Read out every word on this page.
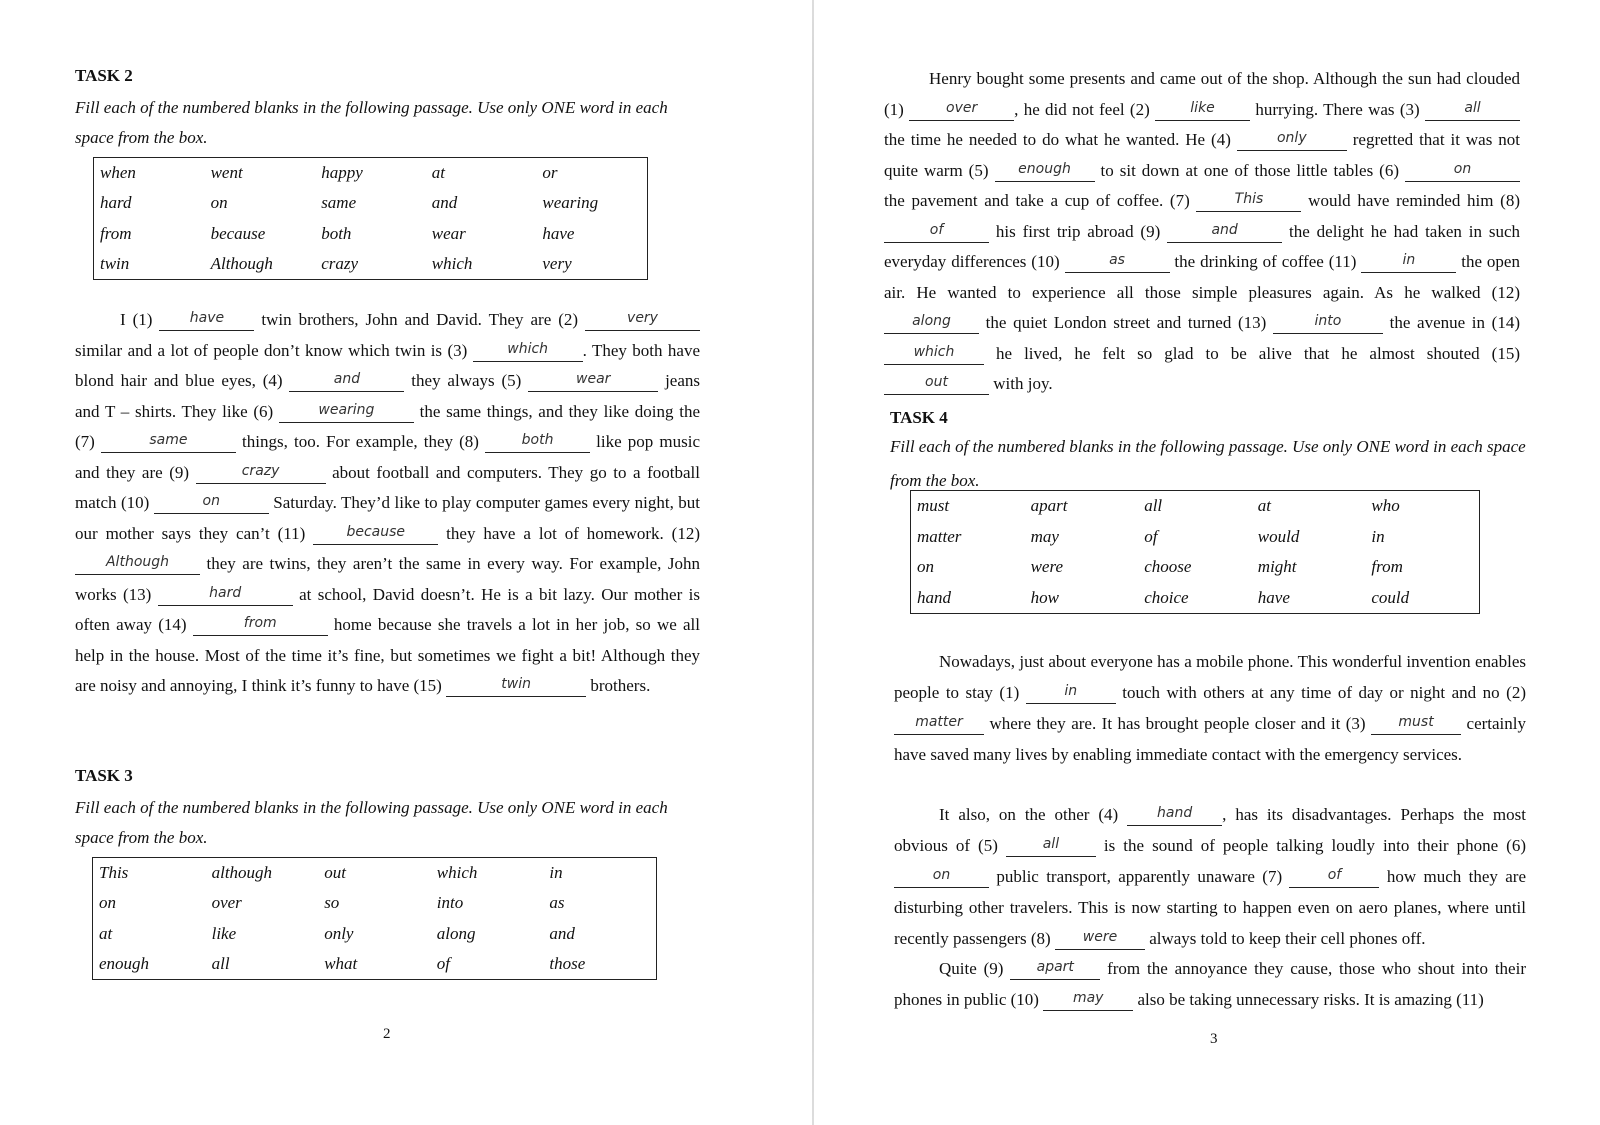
TASK 2
Fill each of the numbered blanks in the following passage. Use only ONE word in each space from the box.
when	went	happy	at	or
hard	on	same	and	wearing
from	because	both	wear	have
twin	Although	crazy	which	very
I (1) have twin brothers, John and David. They are (2)	very similar and a lot of people don’t know which twin is (3) which . They both have blond hair and blue eyes, (4)	and	they always (5)	wear	jeans and T – shirts. They like (6)	wearing the same things, and they like doing the (7)	same	things, too. For example, they (8)	both like pop music and they are (9)	crazy	about football and computers. They go to a football match (10)	on	Saturday. They’d like to play computer games every night, but our mother says they can’t (11) because they have a lot of homework. (12) Although they are twins, they aren’t the same in every way. For example, John works (13)	hard	at school, David doesn’t. He is a bit lazy. Our mother is often away (14)	from	home because she travels a lot in her job, so we all help in the house. Most of the time it’s fine, but sometimes we fight a bit! Although they are noisy and annoying, I think it’s funny to have (15)	twin	brothers.
TASK 3
Fill each of the numbered blanks in the following passage. Use only ONE word in each space from the box.
This	although	out	which	in
on	over	so	into	as
at	like	only	along	and
enough	all	what	of	those
2
Henry bought some presents and came out of the shop. Although the sun had clouded (1)	over , he did not feel (2)	like hurrying. There was (3)	all the time he needed to do what he wanted. He (4)	only regretted that it was not quite warm (5) enough to sit down at one of those little tables (6)	on the pavement and take a cup of coffee. (7)	This would have reminded him (8) of	his first trip abroad (9)	and	the delight he had taken in such everyday differences (10)	as	the drinking of coffee (11)	in the open air. He wanted to experience all those simple pleasures again. As he walked (12) along the quiet London street and turned (13)	into the avenue in (14) which he lived, he felt so glad to be alive that he almost shouted (15) out with joy.
TASK 4
Fill each of the numbered blanks in the following passage. Use only ONE word in each space from the box.
must	apart	all	at	who
matter	may	of	would	in
on	were	choose	might	from
hand	how	choice	have	could
Nowadays, just about everyone has a mobile phone. This wonderful invention enables people to stay (1)	in touch with others at any time of day or night and no (2) matter where they are. It has brought people closer and it (3) must certainly have saved many lives by enabling immediate contact with the emergency services.
It also, on the other (4) hand , has its disadvantages. Perhaps the most obvious of (5)	all is the sound of people talking loudly into their phone (6) on public transport, apparently unaware (7)	of how much they are disturbing other travelers. This is now starting to happen even on aero planes, where until recently passengers (8) were always told to keep their cell phones off.
Quite (9) apart from the annoyance they cause, those who shout into their phones in public (10) may also be taking unnecessary risks. It is amazing (11)
3
